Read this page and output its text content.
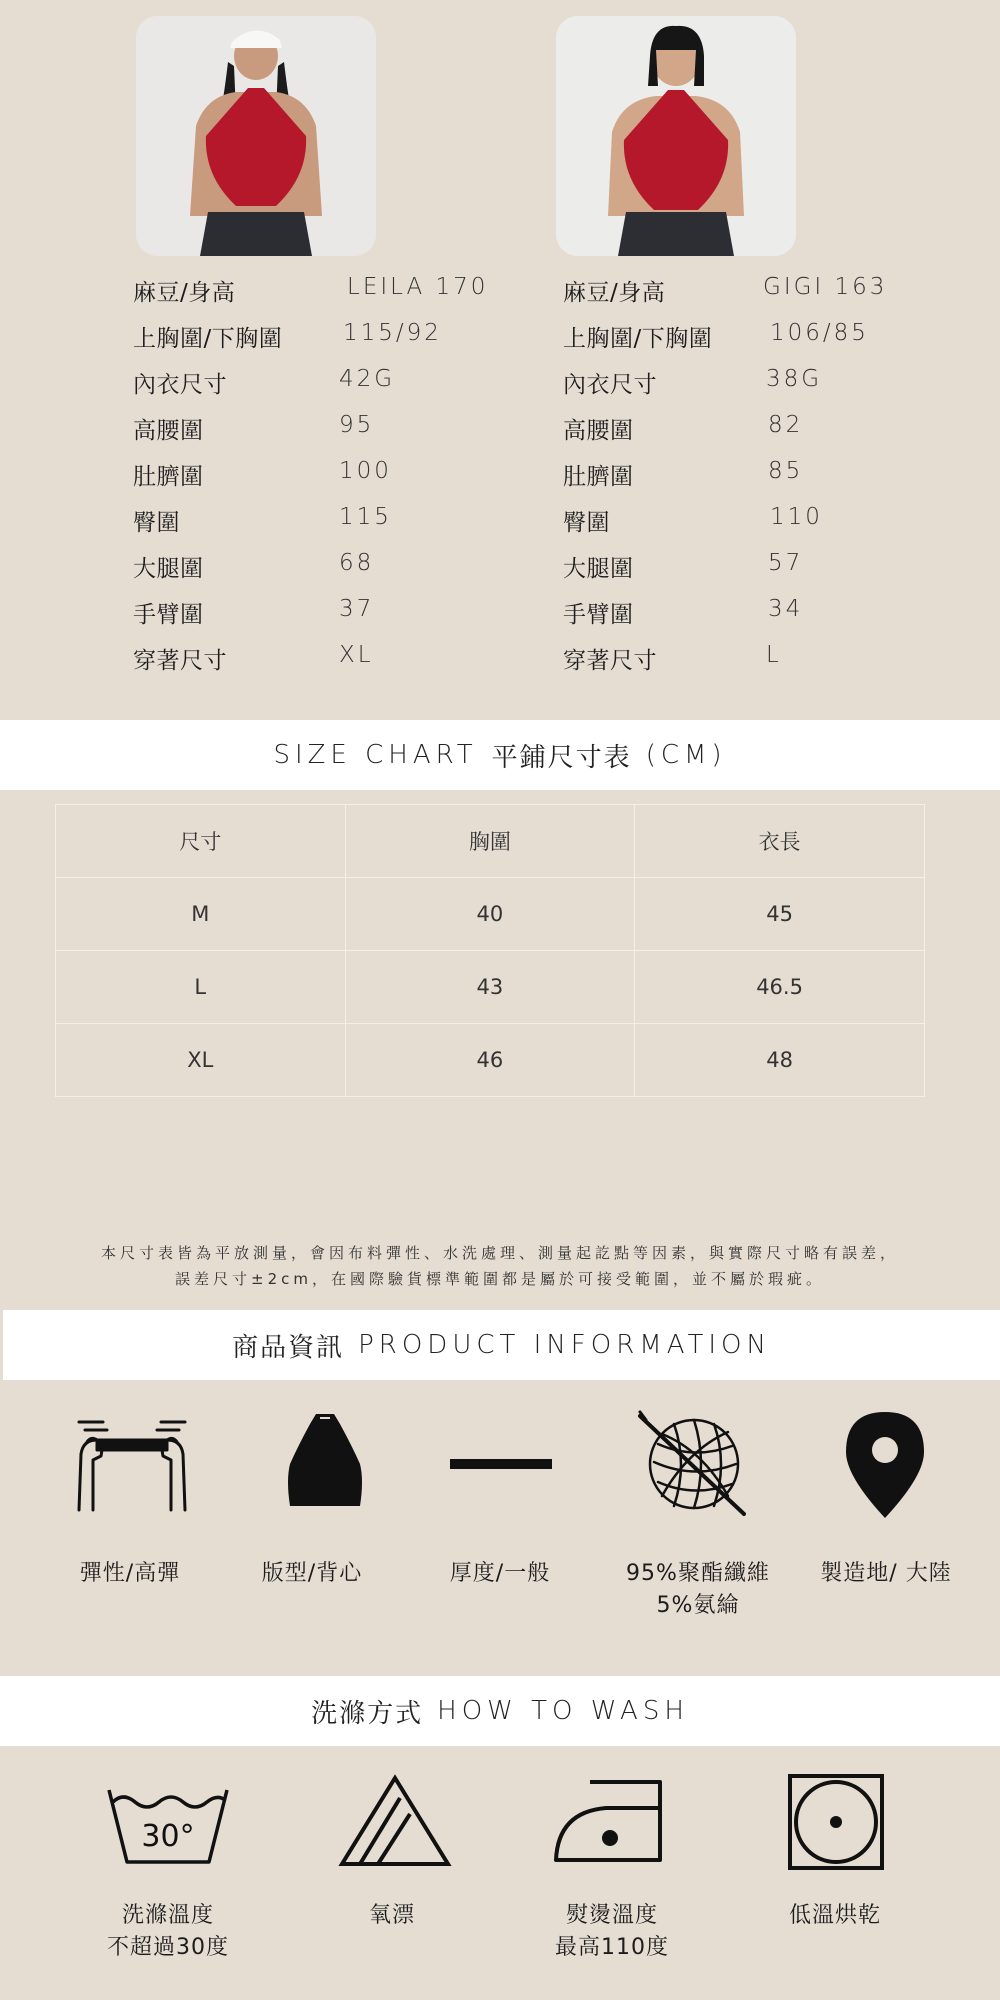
麻豆/身高	LEILA 170
上胸圍/下胸圍	115/92
內衣尺寸	42G
高腰圍	95
肚臍圍	100
臀圍	115
大腿圍	68
手臂圍	37
穿著尺寸	XL
麻豆/身高	GIGI 163
上胸圍/下胸圍	106/85
內衣尺寸	38G
高腰圍	82
肚臍圍	85
臀圍	110
大腿圍	57
手臂圍	34
穿著尺寸	L
SIZE CHART 平鋪尺寸表 (CM)
尺寸	胸圍	衣長
M	40	45
L	43	46.5
XL	46	48
本尺寸表皆為平放測量，會因布料彈性、水洗處理、測量起訖點等因素，與實際尺寸略有誤差，
誤差尺寸±2cm，在國際驗貨標準範圍都是屬於可接受範圍，並不屬於瑕疵。
商品資訊 PRODUCT INFORMATION
彈性/高彈	版型/背心	厚度/一般	95%聚酯纖維
5%氨綸
製造地/ 大陸
洗滌方式 HOW TO WASH
30°
洗滌溫度
不超過30度
氧漂	熨燙溫度
最高110度
低溫烘乾
